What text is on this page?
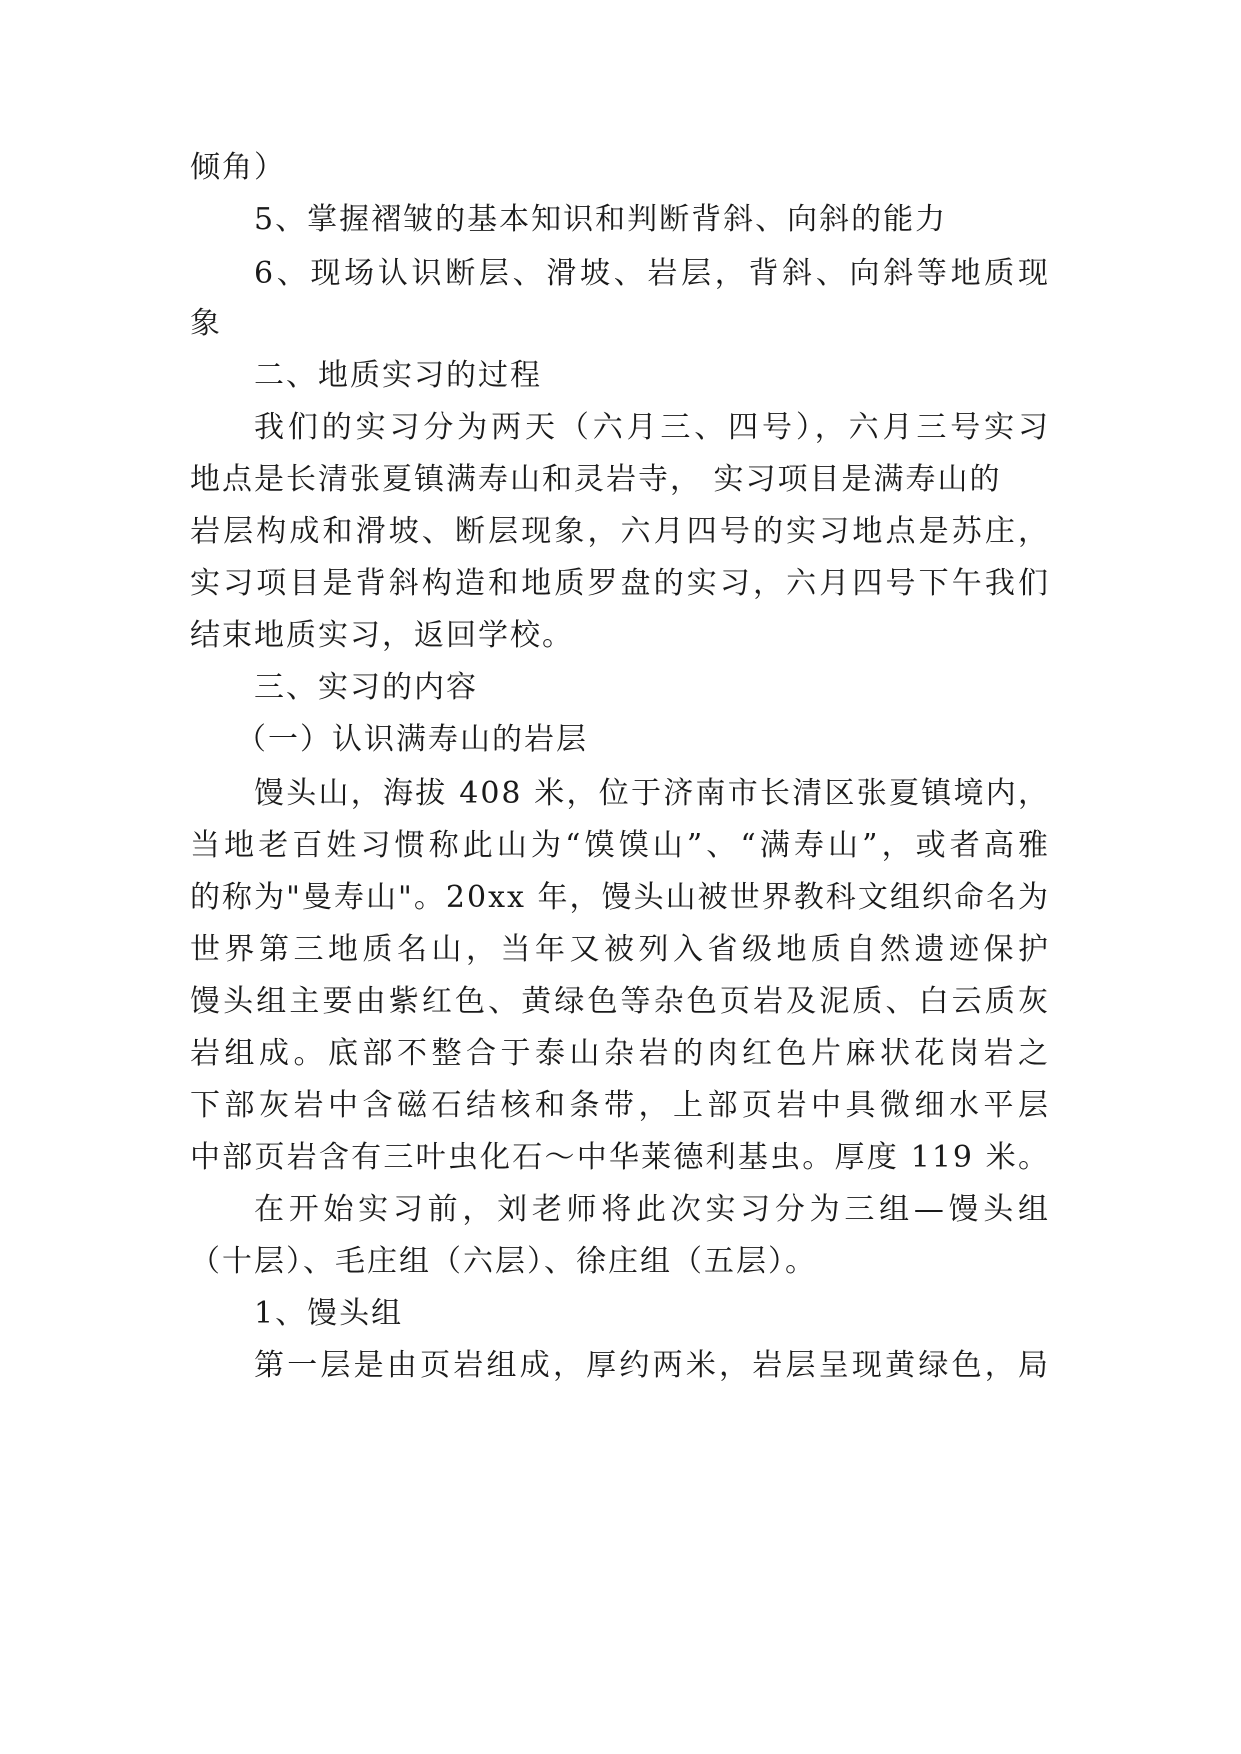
倾角）
5、掌握褶皱的基本知识和判断背斜、向斜的能力
6、现场认识断层、滑坡、岩层，背斜、向斜等地质现
象
二、地质实习的过程
我们的实习分为两天（六月三、四号），六月三号实习
地点是长清张夏镇满寿山和灵岩寺， 实习项目是满寿山的
岩层构成和滑坡、断层现象，六月四号的实习地点是苏庄，
实习项目是背斜构造和地质罗盘的实习，六月四号下午我们
结束地质实习，返回学校。
三、实习的内容
（一）认识满寿山的岩层
馒头山，海拔 408 米，位于济南市长清区张夏镇境内，
当地老百姓习惯称此山为“馍馍山”、“满寿山”，或者高雅
的称为"曼寿山"。20xx 年，馒头山被世界教科文组织命名为
世界第三地质名山，当年又被列入省级地质自然遗迹保护
馒头组主要由紫红色、黄绿色等杂色页岩及泥质、白云质灰
岩组成。底部不整合于泰山杂岩的肉红色片麻状花岗岩之
下部灰岩中含磁石结核和条带，上部页岩中具微细水平层
中部页岩含有三叶虫化石～中华莱德利基虫。厚度 119 米。
在开始实习前，刘老师将此次实习分为三组—馒头组
（十层）、毛庄组（六层）、徐庄组（五层）。
1、馒头组
第一层是由页岩组成，厚约两米，岩层呈现黄绿色，局
